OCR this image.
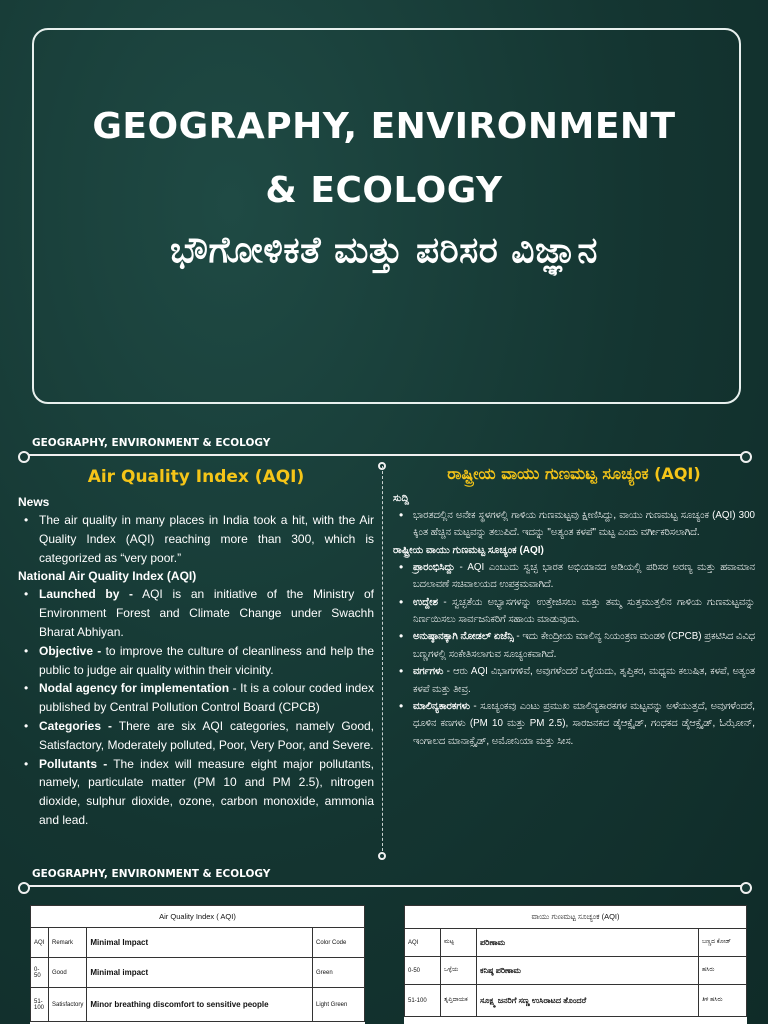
GEOGRAPHY, ENVIRONMENT
& ECOLOGY
ಭೌಗೋಳಿಕತೆ ಮತ್ತು ಪರಿಸರ ವಿಜ್ಞಾನ
GEOGRAPHY, ENVIRONMENT & ECOLOGY
Air Quality Index (AQI)
News
• The air quality in many places in India took a hit, with the Air Quality Index (AQI) reaching more than 300, which is categorized as “very poor.”
National Air Quality Index (AQI)
• Launched by - AQI is an initiative of the Ministry of Environment Forest and Climate Change under Swachh Bharat Abhiyan.
• Objective - to improve the culture of cleanliness and help the public to judge air quality within their vicinity.
• Nodal agency for implementation - It is a colour coded index published by Central Pollution Control Board (CPCB)
• Categories - There are six AQI categories, namely Good, Satisfactory, Moderately polluted, Poor, Very Poor, and Severe.
• Pollutants - The index will measure eight major pollutants, namely, particulate matter (PM 10 and PM 2.5), nitrogen dioxide, sulphur dioxide, ozone, carbon monoxide, ammonia and lead.
ರಾಷ್ಟ್ರೀಯ ವಾಯು ಗುಣಮಟ್ಟ ಸೂಚ್ಯಂಕ (AQI)
ಸುದ್ದಿ
• ಭಾರತದಲ್ಲಿನ ಅನೇಕ ಸ್ಥಳಗಳಲ್ಲಿ ಗಾಳಿಯ ಗುಣಮಟ್ಟವು ಕ್ಷೀಣಿಸಿದ್ದು, ವಾಯು ಗುಣಮಟ್ಟ ಸೂಚ್ಯಂಕ (AQI) 300 ಕ್ಕಿಂತ ಹೆಚ್ಚಿನ ಮಟ್ಟವನ್ನು ತಲುಪಿದೆ. ಇದನ್ನು "ಅತ್ಯಂತ ಕಳಪೆ" ಮಟ್ಟ ಎಂದು ವರ್ಗೀಕರಿಸಲಾಗಿದೆ.
ರಾಷ್ಟ್ರೀಯ ವಾಯು ಗುಣಮಟ್ಟ ಸೂಚ್ಯಂಕ (AQI)
• ಪ್ರಾರಂಭಿಸಿದ್ದು - AQI ಎಂಬುದು ಸ್ವಚ್ಛ ಭಾರತ ಅಭಿಯಾನದ ಅಡಿಯಲ್ಲಿ ಪರಿಸರ ಅರಣ್ಯ ಮತ್ತು ಹವಾಮಾನ ಬದಲಾವಣೆ ಸಚಿವಾಲಯದ ಉಪಕ್ರಮವಾಗಿದೆ.
• ಉದ್ದೇಶ - ಸ್ವಚ್ಛತೆಯ ಅಭ್ಯಾಸಗಳನ್ನು ಉತ್ತೇಜಿಸಲು ಮತ್ತು ತಮ್ಮ ಸುತ್ತಮುತ್ತಲಿನ ಗಾಳಿಯ ಗುಣಮಟ್ಟವನ್ನು ನಿರ್ಣಯಿಸಲು ಸಾರ್ವಜನಿಕರಿಗೆ ಸಹಾಯ ಮಾಡುವುದು.
• ಅನುಷ್ಠಾನಕ್ಕಾಗಿ ನೋಡಲ್ ಏಜೆನ್ಸಿ - ಇದು ಕೇಂದ್ರೀಯ ಮಾಲಿನ್ಯ ನಿಯಂತ್ರಣ ಮಂಡಳಿ (CPCB) ಪ್ರಕಟಿಸಿದ ವಿವಿಧ ಬಣ್ಣಗಳಲ್ಲಿ ಸಂಕೇತಿಸಲಾಗುವ ಸೂಚ್ಯಂಕವಾಗಿದೆ.
• ವರ್ಗಗಳು - ಆರು AQI ವಿಭಾಗಗಳಿವೆ, ಅವುಗಳೆಂದರೆ ಒಳ್ಳೆಯದು, ತೃಪ್ತಿಕರ, ಮಧ್ಯಮ ಕಲುಷಿತ, ಕಳಪೆ, ಅತ್ಯಂತ ಕಳಪೆ ಮತ್ತು ತೀವ್ರ.
• ಮಾಲಿನ್ಯಕಾರಕಗಳು - ಸೂಚ್ಯಂಕವು ಎಂಟು ಪ್ರಮುಖ ಮಾಲಿನ್ಯಕಾರಕಗಳ ಮಟ್ಟವನ್ನು ಅಳೆಯುತ್ತದೆ, ಅವುಗಳೆಂದರೆ, ಧೂಳಿನ ಕಣಗಳು (PM 10 ಮತ್ತು PM 2.5), ಸಾರಜನಕದ ಡೈಆಕ್ಸೈಡ್, ಗಂಧಕದ ಡೈಆಕ್ಸೈಡ್, ಓಝೋನ್, ಇಂಗಾಲದ ಮಾನಾಕ್ಸೈಡ್, ಅಮೋನಿಯಾ ಮತ್ತು ಸೀಸ.
GEOGRAPHY, ENVIRONMENT & ECOLOGY
Air Quality Index ( AQI)			
AQI	Remark	Minimal Impact	Color Code
0-50	Good	Minimal impact	Green
51-100	Satisfactory	Minor breathing discomfort to sensitive people	Light Green
ವಾಯು ಗುಣಮಟ್ಟ ಸೂಚ್ಯಂಕ (AQI)			
AQI	ಮಟ್ಟ	ಪರಿಣಾಮ	ಬಣ್ಣದ ಕೋಡ್
0-50	ಒಳ್ಳೆಯ	ಕನಿಷ್ಠ ಪರಿಣಾಮ	ಹಸಿರು
51-100	ತೃಪ್ತಿದಾಯಕ	ಸೂಕ್ಷ್ಮ ಜನರಿಗೆ ಸಣ್ಣ ಉಸಿರಾಟದ ತೊಂದರೆ	ತಿಳಿ ಹಸಿರು
